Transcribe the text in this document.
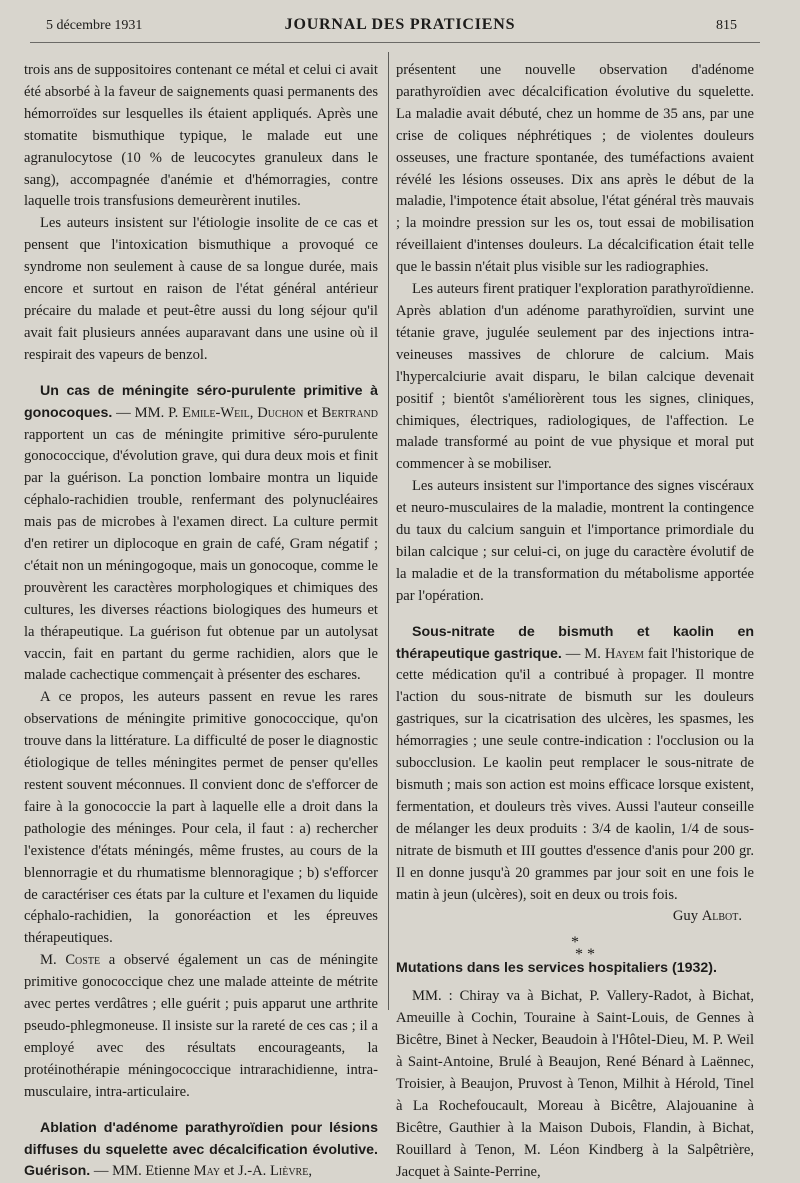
5 décembre 1931	JOURNAL DES PRATICIENS	815

trois ans de suppositoires contenant ce métal et celui ci avait été absorbé à la faveur de saignements quasi permanents des hémorroïdes sur lesquelles ils étaient appliqués. Après une stomatite bismuthique typique, le malade eut une agranulocytose (10 % de leucocytes granuleux dans le sang), accompagnée d'anémie et d'hémorragies, contre laquelle trois transfusions demeurèrent inutiles.

Les auteurs insistent sur l'étiologie insolite de ce cas et pensent que l'intoxication bismuthique a provoqué ce syndrome non seulement à cause de sa longue durée, mais encore et surtout en raison de l'état général antérieur précaire du malade et peut-être aussi du long séjour qu'il avait fait plusieurs années auparavant dans une usine où il respirait des vapeurs de benzol.

Un cas de méningite séro-purulente primitive à gonocoques. — MM. P. Emile-Weil, Duchon et Bertrand rapportent un cas de méningite primitive séro-purulente gonococcique, d'évolution grave, qui dura deux mois et finit par la guérison. La ponction lombaire montra un liquide céphalo-rachidien trouble, renfermant des polynucléaires mais pas de microbes à l'examen direct. La culture permit d'en retirer un diplocoque en grain de café, Gram négatif ; c'était non un méningogoque, mais un gonocoque, comme le prouvèrent les caractères morphologiques et chimiques des cultures, les diverses réactions biologiques des humeurs et la thérapeutique. La guérison fut obtenue par un autolysat vaccin, fait en partant du germe rachidien, alors que le malade cachectique commençait à présenter des eschares.

A ce propos, les auteurs passent en revue les rares observations de méningite primitive gonococcique, qu'on trouve dans la littérature. La difficulté de poser le diagnostic étiologique de telles méningites permet de penser qu'elles restent souvent méconnues. Il convient donc de s'efforcer de faire à la gonococcie la part à laquelle elle a droit dans la pathologie des méninges. Pour cela, il faut : a) rechercher l'existence d'états méningés, même frustes, au cours de la blennorragie et du rhumatisme blennoragique ; b) s'efforcer de caractériser ces états par la culture et l'examen du liquide céphalo-rachidien, la gonoréaction et les épreuves thérapeutiques.

M. Coste a observé également un cas de méningite primitive gonococcique chez une malade atteinte de métrite avec pertes verdâtres ; elle guérit ; puis apparut une arthrite pseudo-phlegmoneuse. Il insiste sur la rareté de ces cas ; il a employé avec des résultats encourageants, la protéinothérapie méningococcique intrarachidienne, intra-musculaire, intra-articulaire.

Ablation d'adénome parathyroïdien pour lésions diffuses du squelette avec décalcification évolutive. Guérison. — MM. Etienne May et J.-A. Lièvre,

présentent une nouvelle observation d'adénome parathyroïdien avec décalcification évolutive du squelette. La maladie avait débuté, chez un homme de 35 ans, par une crise de coliques néphrétiques ; de violentes douleurs osseuses, une fracture spontanée, des tuméfactions avaient révélé les lésions osseuses. Dix ans après le début de la maladie, l'impotence était absolue, l'état général très mauvais ; la moindre pression sur les os, tout essai de mobilisation réveillaient d'intenses douleurs. La décalcification était telle que le bassin n'était plus visible sur les radiographies.

Les auteurs firent pratiquer l'exploration parathyroïdienne. Après ablation d'un adénome parathyroïdien, survint une tétanie grave, jugulée seulement par des injections intra-veineuses massives de chlorure de calcium. Mais l'hypercalciurie avait disparu, le bilan calcique devenait positif ; bientôt s'améliorèrent tous les signes, cliniques, chimiques, électriques, radiologiques, de l'affection. Le malade transformé au point de vue physique et moral put commencer à se mobiliser.

Les auteurs insistent sur l'importance des signes viscéraux et neuro-musculaires de la maladie, montrent la contingence du taux du calcium sanguin et l'importance primordiale du bilan calcique ; sur celui-ci, on juge du caractère évolutif de la maladie et de la transformation du métabolisme apportée par l'opération.

Sous-nitrate de bismuth et kaolin en thérapeutique gastrique. — M. Hayem fait l'historique de cette médication qu'il a contribué à propager. Il montre l'action du sous-nitrate de bismuth sur les douleurs gastriques, sur la cicatrisation des ulcères, les spasmes, les hémorragies ; une seule contre-indication : l'occlusion ou la subocclusion. Le kaolin peut remplacer le sous-nitrate de bismuth ; mais son action est moins efficace lorsque existent, fermentation, et douleurs très vives. Aussi l'auteur conseille de mélanger les deux produits : 3/4 de kaolin, 1/4 de sous-nitrate de bismuth et III gouttes d'essence d'anis pour 200 gr. Il en donne jusqu'à 20 grammes par jour soit en une fois le matin à jeun (ulcères), soit en deux ou trois fois.

Guy Albot.
*
* *

Mutations dans les services hospitaliers (1932).

MM. : Chiray va à Bichat, P. Vallery-Radot, à Bichat, Ameuille à Cochin, Touraine à Saint-Louis, de Gennes à Bicêtre, Binet à Necker, Beaudoin à l'Hôtel-Dieu, M. P. Weil à Saint-Antoine, Brulé à Beaujon, René Bénard à Laënnec, Troisier, à Beaujon, Pruvost à Tenon, Milhit à Hérold, Tinel à La Rochefoucault, Moreau à Bicêtre, Alajouanine à Bicêtre, Gauthier à la Maison Dubois, Flandin, à Bichat, Rouillard à Tenon, M. Léon Kindberg à la Salpêtrière, Jacquet à Sainte-Perrine,
